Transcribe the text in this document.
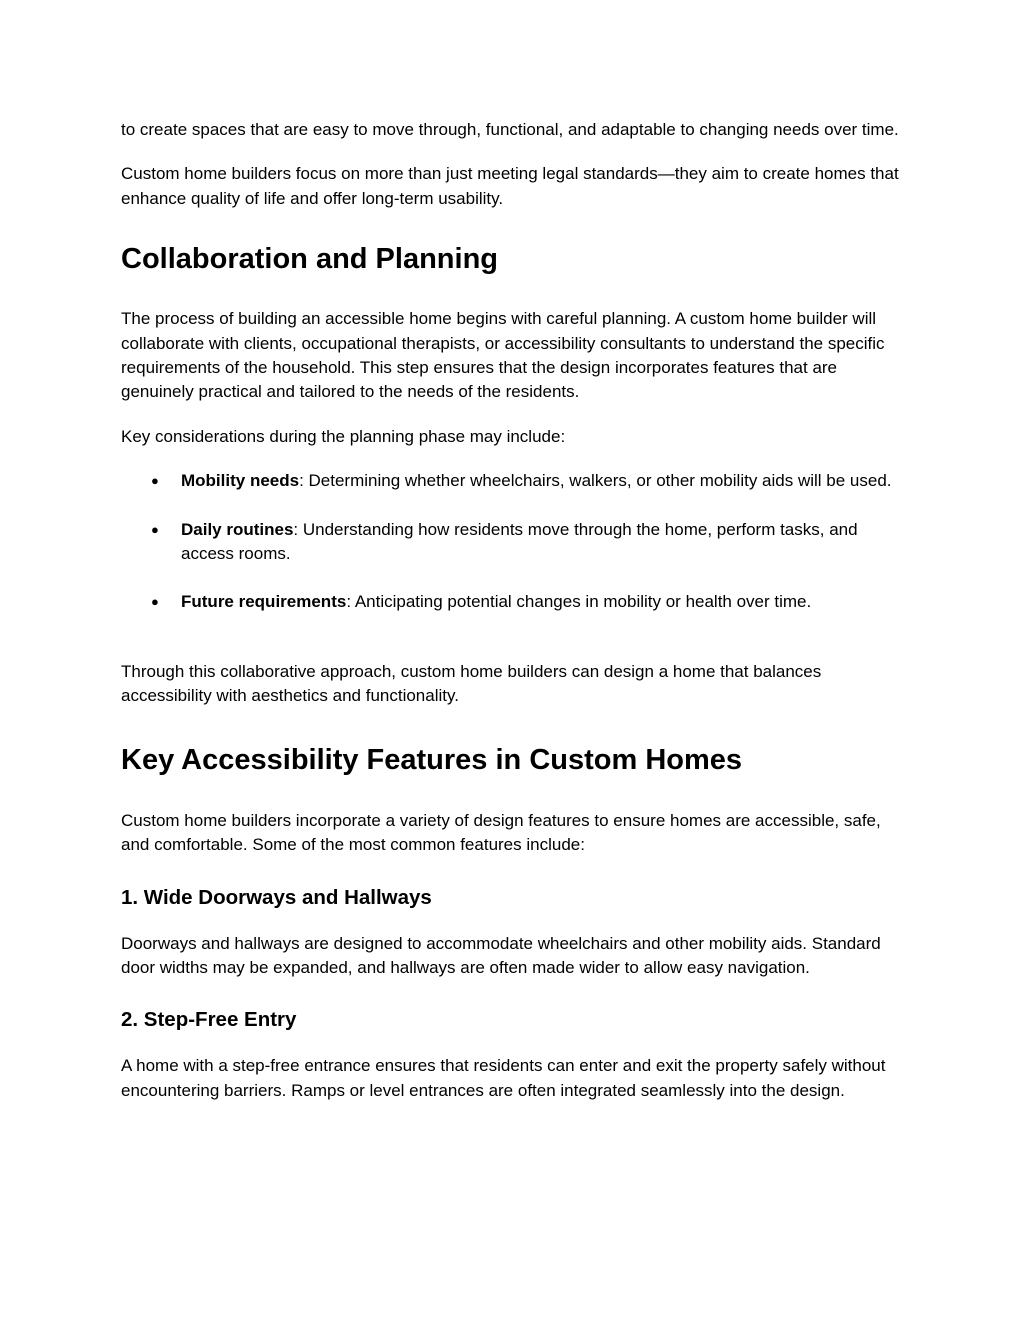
to create spaces that are easy to move through, functional, and adaptable to changing needs over time.

Custom home builders focus on more than just meeting legal standards—they aim to create homes that enhance quality of life and offer long-term usability.

Collaboration and Planning

The process of building an accessible home begins with careful planning. A custom home builder will collaborate with clients, occupational therapists, or accessibility consultants to understand the specific requirements of the household. This step ensures that the design incorporates features that are genuinely practical and tailored to the needs of the residents.

Key considerations during the planning phase may include:

● Mobility needs: Determining whether wheelchairs, walkers, or other mobility aids will be used.
● Daily routines: Understanding how residents move through the home, perform tasks, and access rooms.
● Future requirements: Anticipating potential changes in mobility or health over time.

Through this collaborative approach, custom home builders can design a home that balances accessibility with aesthetics and functionality.

Key Accessibility Features in Custom Homes

Custom home builders incorporate a variety of design features to ensure homes are accessible, safe, and comfortable. Some of the most common features include:

1. Wide Doorways and Hallways

Doorways and hallways are designed to accommodate wheelchairs and other mobility aids. Standard door widths may be expanded, and hallways are often made wider to allow easy navigation.

2. Step-Free Entry

A home with a step-free entrance ensures that residents can enter and exit the property safely without encountering barriers. Ramps or level entrances are often integrated seamlessly into the design.
